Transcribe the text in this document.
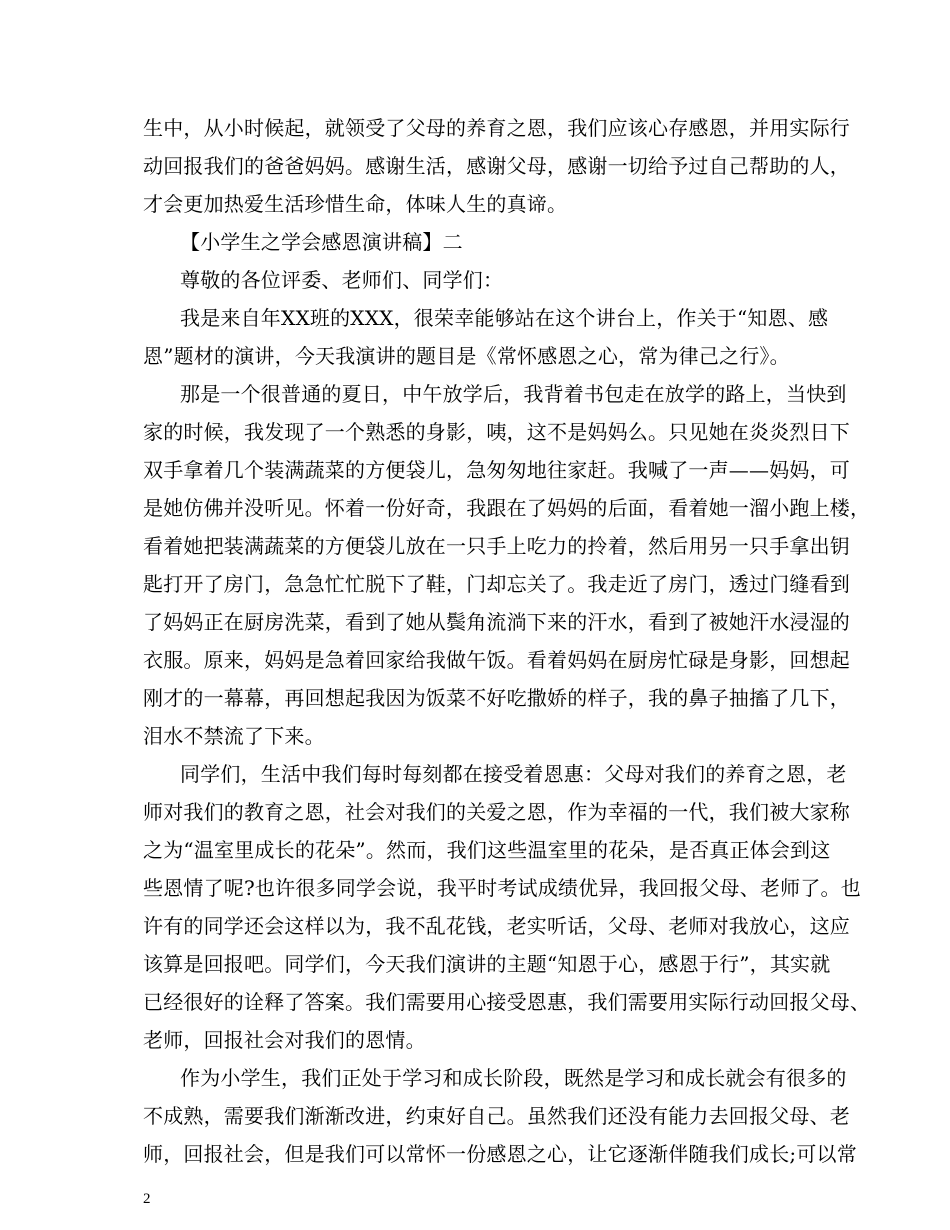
生中，从小时候起，就领受了父母的养育之恩，我们应该心存感恩，并用实际行
动回报我们的爸爸妈妈。感谢生活，感谢父母，感谢一切给予过自己帮助的人，
才会更加热爱生活珍惜生命，体味人生的真谛。
【小学生之学会感恩演讲稿】二
尊敬的各位评委、老师们、同学们：
我是来自年XX班的XXX，很荣幸能够站在这个讲台上，作关于“知恩、感
恩”题材的演讲，今天我演讲的题目是《常怀感恩之心，常为律己之行》。
那是一个很普通的夏日，中午放学后，我背着书包走在放学的路上，当快到
家的时候，我发现了一个熟悉的身影，咦，这不是妈妈么。只见她在炎炎烈日下
双手拿着几个装满蔬菜的方便袋儿，急匆匆地往家赶。我喊了一声——妈妈，可
是她仿佛并没听见。怀着一份好奇，我跟在了妈妈的后面，看着她一溜小跑上楼，
看着她把装满蔬菜的方便袋儿放在一只手上吃力的拎着，然后用另一只手拿出钥
匙打开了房门，急急忙忙脱下了鞋，门却忘关了。我走近了房门，透过门缝看到
了妈妈正在厨房洗菜，看到了她从鬓角流淌下来的汗水，看到了被她汗水浸湿的
衣服。原来，妈妈是急着回家给我做午饭。看着妈妈在厨房忙碌是身影，回想起
刚才的一幕幕，再回想起我因为饭菜不好吃撒娇的样子，我的鼻子抽搐了几下，
泪水不禁流了下来。
同学们，生活中我们每时每刻都在接受着恩惠：父母对我们的养育之恩，老
师对我们的教育之恩，社会对我们的关爱之恩，作为幸福的一代，我们被大家称
之为“温室里成长的花朵”。然而，我们这些温室里的花朵，是否真正体会到这
些恩情了呢?也许很多同学会说，我平时考试成绩优异，我回报父母、老师了。也
许有的同学还会这样以为，我不乱花钱，老实听话，父母、老师对我放心，这应
该算是回报吧。同学们，今天我们演讲的主题“知恩于心，感恩于行”，其实就
已经很好的诠释了答案。我们需要用心接受恩惠，我们需要用实际行动回报父母、
老师，回报社会对我们的恩情。
作为小学生，我们正处于学习和成长阶段，既然是学习和成长就会有很多的
不成熟，需要我们渐渐改进，约束好自己。虽然我们还没有能力去回报父母、老
师，回报社会，但是我们可以常怀一份感恩之心，让它逐渐伴随我们成长;可以常
2
